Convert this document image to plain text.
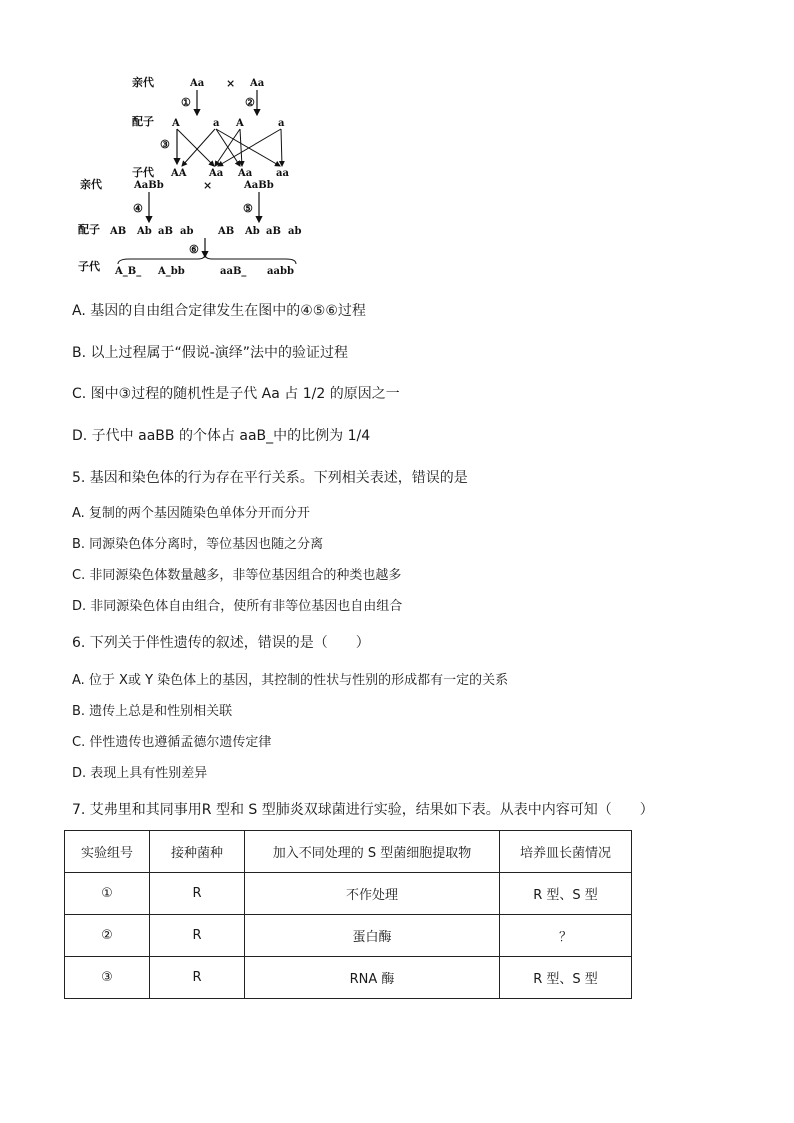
亲代
配子
子代
Aa × Aa
①	②
A	a A	a
③
AA Aa Aa aa
亲代	AaBb	×	AaBb
④	⑤
配子 AB Ab aB ab AB Ab aB ab
⑥
子代 A_B_ A_bb	aaB_ aabb
A. 基因的自由组合定律发生在图中的④⑤⑥过程
B. 以上过程属于“假说-演绎”法中的验证过程
C. 图中③过程的随机性是子代 Aa 占 1/2 的原因之一
D. 子代中 aaBB 的个体占 aaB_中的比例为 1/4
5. 基因和染色体的行为存在平行关系。下列相关表述，错误的是
A. 复制的两个基因随染色单体分开而分开
B. 同源染色体分离时，等位基因也随之分离
C. 非同源染色体数量越多，非等位基因组合的种类也越多
D. 非同源染色体自由组合，使所有非等位基因也自由组合
6. 下列关于伴性遗传的叙述，错误的是（　　）
A. 位于 X或 Y 染色体上的基因，其控制的性状与性别的形成都有一定的关系
B. 遗传上总是和性别相关联
C. 伴性遗传也遵循孟德尔遗传定律
D. 表现上具有性别差异
7. 艾弗里和其同事用R 型和 S 型肺炎双球菌进行实验，结果如下表。从表中内容可知（　　）
实验组号	接种菌种	加入不同处理的 S 型菌细胞提取物	培养皿长菌情况
①	R	不作处理	R 型、S 型
②	R	蛋白酶	？
③	R	RNA 酶	R 型、S 型
